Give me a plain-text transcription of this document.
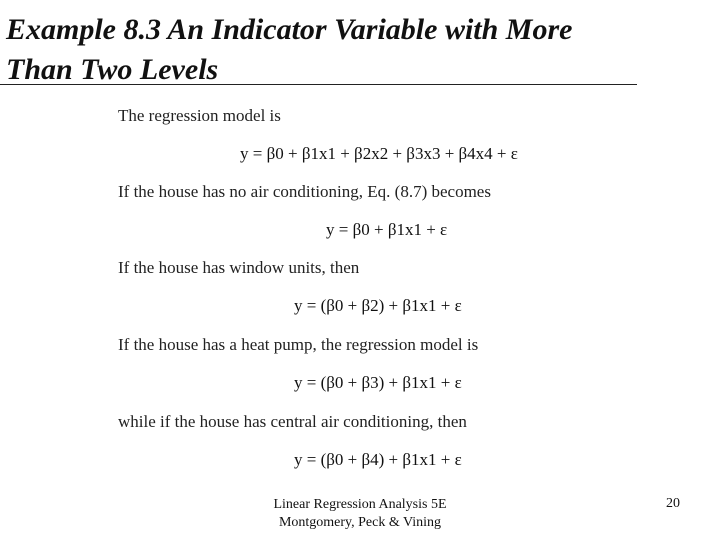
Example 8.3 An Indicator Variable with More Than Two Levels
The regression model is
y = β0 + β1x1 + β2x2 + β3x3 + β4x4 + ε
If the house has no air conditioning, Eq. (8.7) becomes
y = β0 + β1x1 + ε
If the house has window units, then
y = (β0 + β2) + β1x1 + ε
If the house has a heat pump, the regression model is
y = (β0 + β3) + β1x1 + ε
while if the house has central air conditioning, then
y = (β0 + β4) + β1x1 + ε
Linear Regression Analysis 5E
Montgomery, Peck & Vining
20
